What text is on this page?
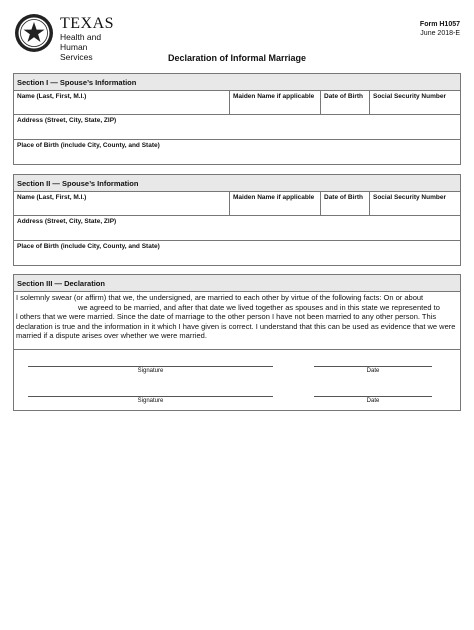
TEXAS
Health and Human
Services
Form H1057
June 2018-E
Declaration of Informal Marriage
Section I — Spouse’s Information
Name (Last, First, M.I.)	Maiden Name if applicable	Date of Birth	Social Security Number
Address (Street, City, State, ZIP)
Place of Birth (include City, County, and State)
Section II — Spouse’s Information
Name (Last, First, M.I.)	Maiden Name if applicable	Date of Birth	Social Security Number
Address (Street, City, State, ZIP)
Place of Birth (include City, County, and State)
Section III — Declaration
I solemnly swear (or affirm) that we, the undersigned, are married to each other by virtue of the following facts: On or about
we agreed to be married, and after that date we lived together as spouses and in this state we represented to
l others that we were married. Since the date of marriage to the other person I have not been married to any other person. This declaration is true and the information in it which I have given is correct. I understand that this can be used as evidence that we were married if a dispute arises over whether we were married.
Signature	Date
Signature	Date
